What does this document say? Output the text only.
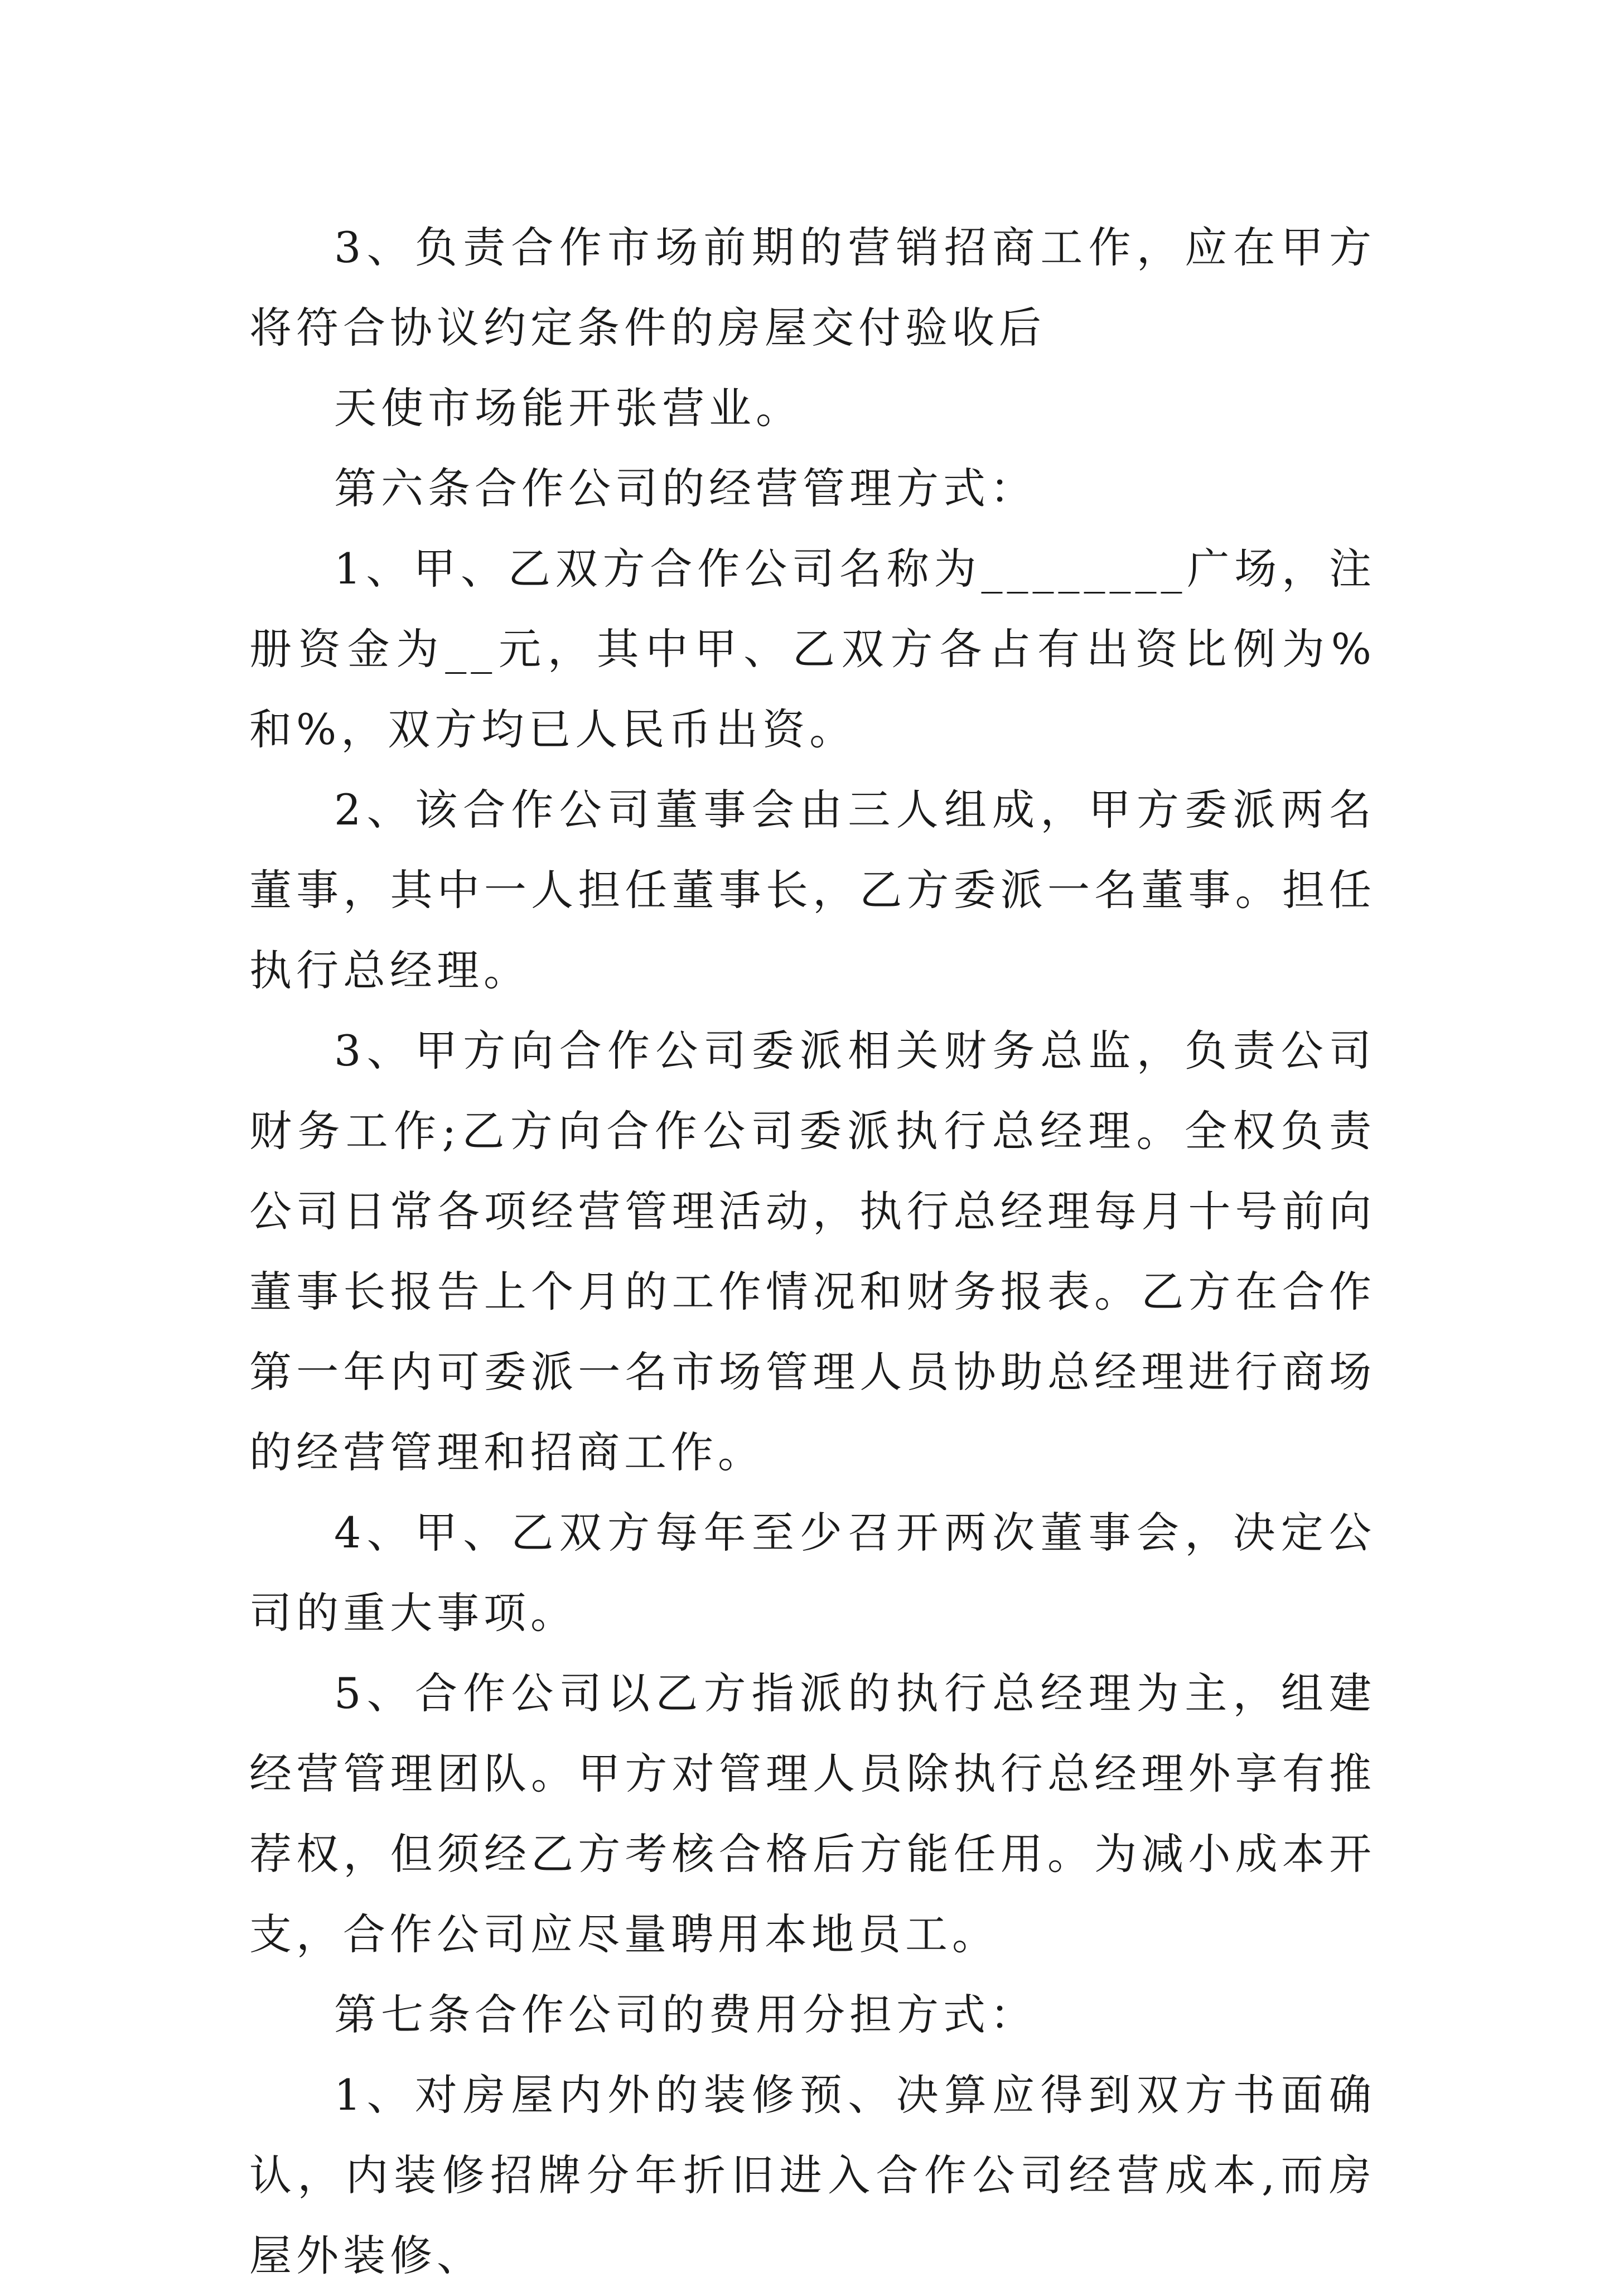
3、负责合作市场前期的营销招商工作，应在甲方将符合协议约定条件的房屋交付验收后

天使市场能开张营业。

第六条合作公司的经营管理方式：

1、甲、乙双方合作公司名称为________广场，注册资金为__元，其中甲、乙双方各占有出资比例为%和%，双方均已人民币出资。

2、该合作公司董事会由三人组成，甲方委派两名董事，其中一人担任董事长，乙方委派一名董事。担任执行总经理。

3、甲方向合作公司委派相关财务总监，负责公司财务工作;乙方向合作公司委派执行总经理。全权负责公司日常各项经营管理活动，执行总经理每月十号前向董事长报告上个月的工作情况和财务报表。乙方在合作第一年内可委派一名市场管理人员协助总经理进行商场的经营管理和招商工作。

4、甲、乙双方每年至少召开两次董事会，决定公司的重大事项。

5、合作公司以乙方指派的执行总经理为主，组建经营管理团队。甲方对管理人员除执行总经理外享有推荐权，但须经乙方考核合格后方能任用。为减小成本开支，合作公司应尽量聘用本地员工。

第七条合作公司的费用分担方式：

1、对房屋内外的装修预、决算应得到双方书面确认，内装修招牌分年折旧进入合作公司经营成本,而房屋外装修、
